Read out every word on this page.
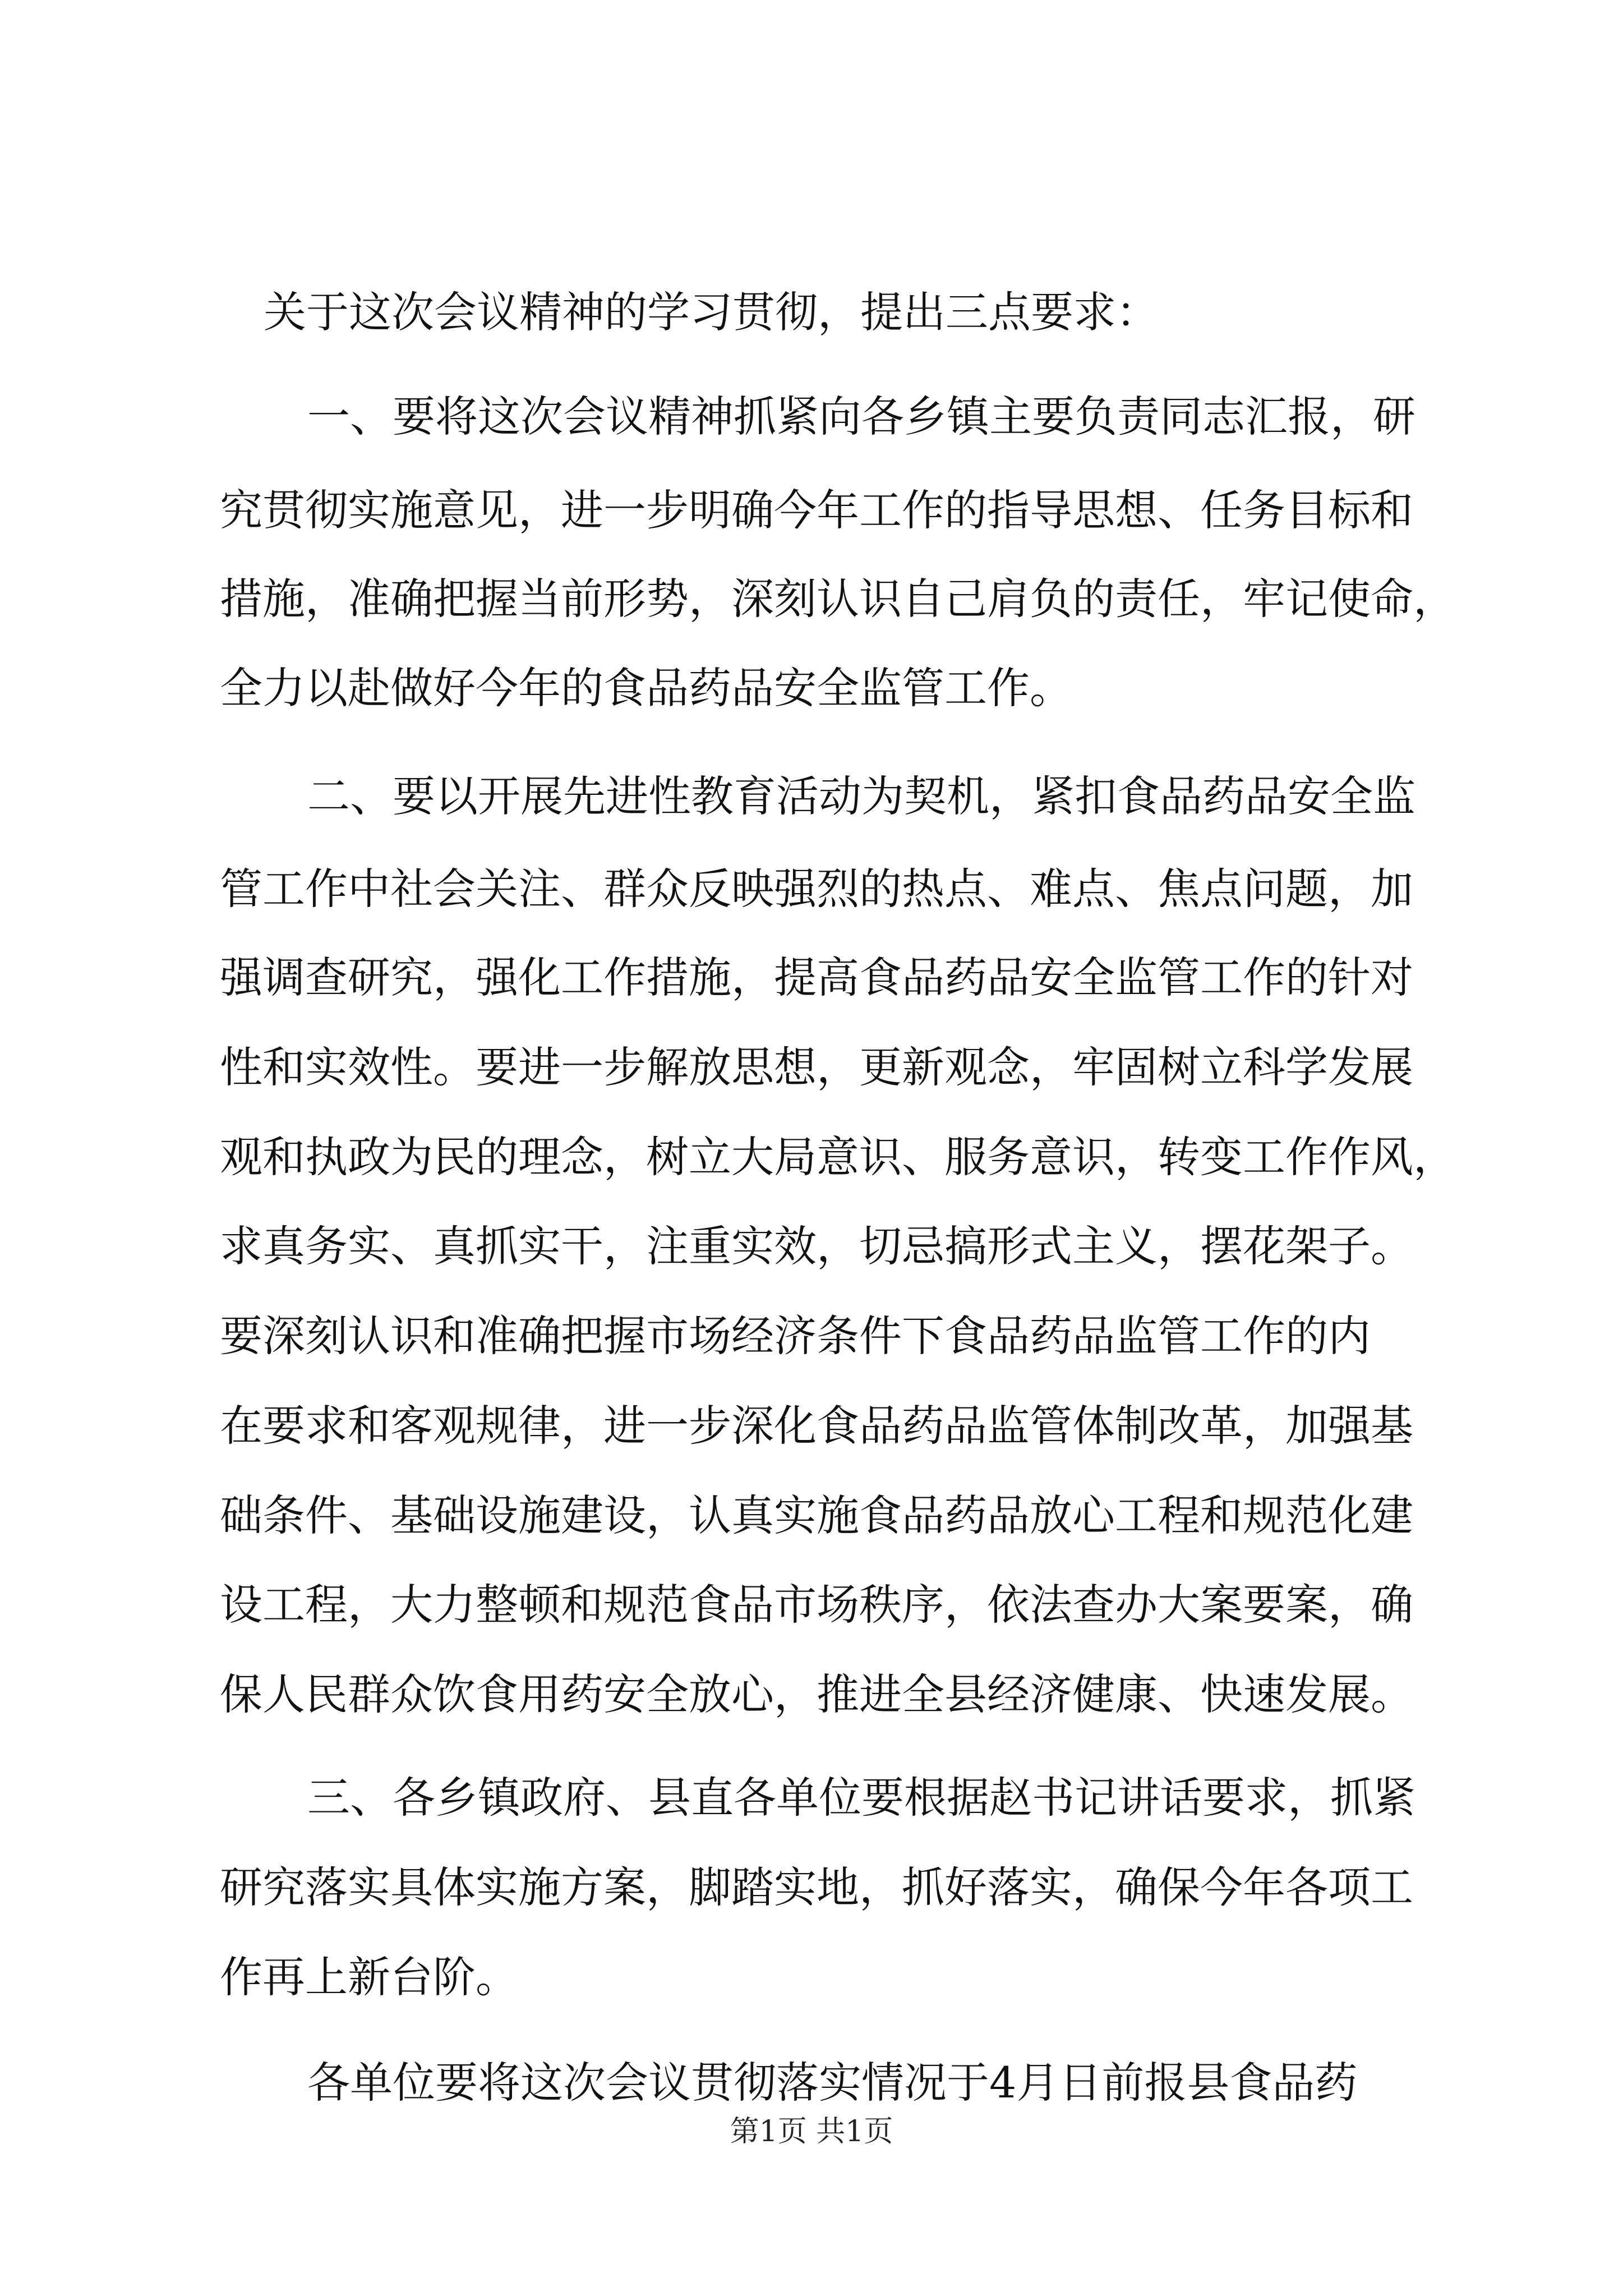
关于这次会议精神的学习贯彻，提出三点要求：
一、要将这次会议精神抓紧向各乡镇主要负责同志汇报，研
究贯彻实施意见，进一步明确今年工作的指导思想、任务目标和
措施，准确把握当前形势，深刻认识自己肩负的责任，牢记使命，
全力以赴做好今年的食品药品安全监管工作。
二、要以开展先进性教育活动为契机，紧扣食品药品安全监
管工作中社会关注、群众反映强烈的热点、难点、焦点问题，加
强调查研究，强化工作措施，提高食品药品安全监管工作的针对
性和实效性。要进一步解放思想，更新观念，牢固树立科学发展
观和执政为民的理念，树立大局意识、服务意识，转变工作作风，
求真务实、真抓实干，注重实效，切忌搞形式主义，摆花架子。
要深刻认识和准确把握市场经济条件下食品药品监管工作的内
在要求和客观规律，进一步深化食品药品监管体制改革，加强基
础条件、基础设施建设，认真实施食品药品放心工程和规范化建
设工程，大力整顿和规范食品市场秩序，依法查办大案要案，确
保人民群众饮食用药安全放心，推进全县经济健康、快速发展。
三、各乡镇政府、县直各单位要根据赵书记讲话要求，抓紧
研究落实具体实施方案，脚踏实地，抓好落实，确保今年各项工
作再上新台阶。
各单位要将这次会议贯彻落实情况于4月日前报县食品药
第1页 共1页
